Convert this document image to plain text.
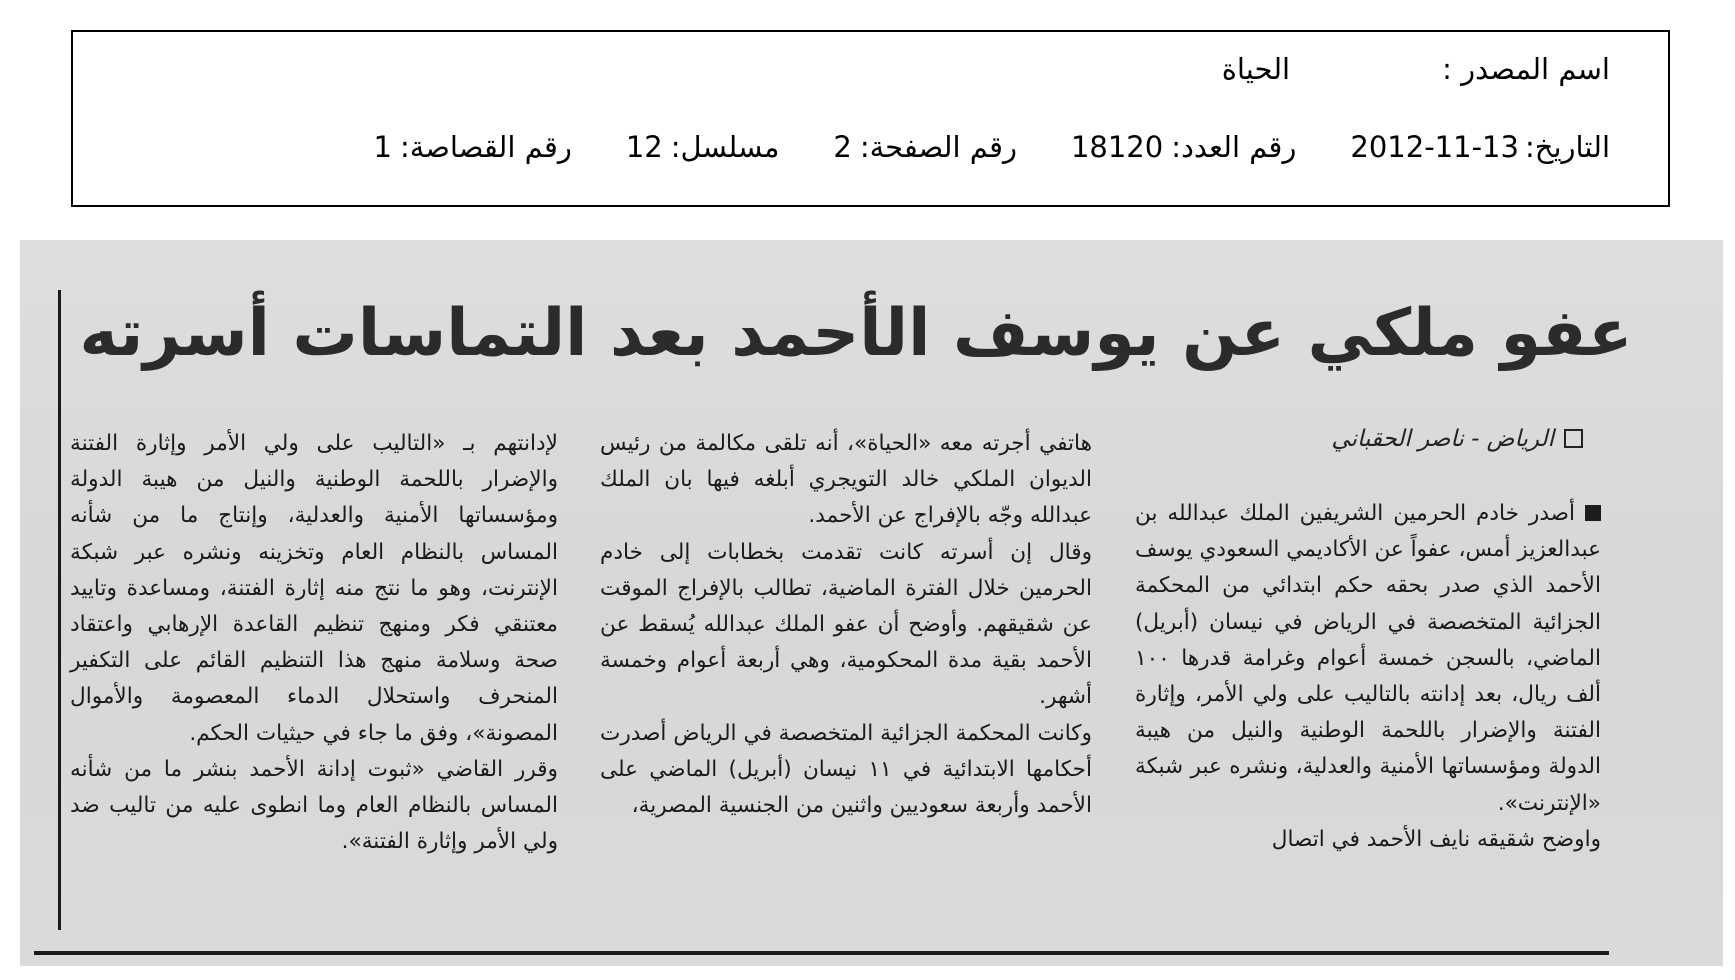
اسم المصدر :
الحياة
التاريخ:
2012-11-13
رقم العدد:
18120
رقم الصفحة:
2
مسلسل:
12
رقم القصاصة:
1
عفو ملكي عن يوسف الأحمد بعد التماسات أسرته
الرياض - ناصر الحقباني

أصدر خادم الحرمين الشريفين الملك عبدالله بن عبدالعزيز أمس، عفواً عن الأكاديمي السعودي يوسف الأحمد الذي صدر بحقه حكم ابتدائي من المحكمة الجزائية المتخصصة في الرياض في نيسان (أبريل) الماضي، بالسجن خمسة أعوام وغرامة قدرها ١٠٠ ألف ريال، بعد إدانته بالتاليب على ولي الأمر، وإثارة الفتنة والإضرار باللحمة الوطنية والنيل من هيبة الدولة ومؤسساتها الأمنية والعدلية، ونشره عبر شبكة «الإنترنت».

واوضح شقيقه نايف الأحمد في اتصال

هاتفي أجرته معه «الحياة»، أنه تلقى مكالمة من رئيس الديوان الملكي خالد التويجري أبلغه فيها بان الملك عبدالله وجّه بالإفراج عن الأحمد.

وقال إن أسرته كانت تقدمت بخطابات إلى خادم الحرمين خلال الفترة الماضية، تطالب بالإفراج الموقت عن شقيقهم. وأوضح أن عفو الملك عبدالله يُسقط عن الأحمد بقية مدة المحكومية، وهي أربعة أعوام وخمسة أشهر.

وكانت المحكمة الجزائية المتخصصة في الرياض أصدرت أحكامها الابتدائية في ١١ نيسان (أبريل) الماضي على الأحمد وأربعة سعوديين واثنين من الجنسية المصرية،

لإدانتهم بـ «التاليب على ولي الأمر وإثارة الفتنة والإضرار باللحمة الوطنية والنيل من هيبة الدولة ومؤسساتها الأمنية والعدلية، وإنتاج ما من شأنه المساس بالنظام العام وتخزينه ونشره عبر شبكة الإنترنت، وهو ما نتج منه إثارة الفتنة، ومساعدة وتاييد معتنقي فكر ومنهج تنظيم القاعدة الإرهابي واعتقاد صحة وسلامة منهج هذا التنظيم القائم على التكفير المنحرف واستحلال الدماء المعصومة والأموال المصونة»، وفق ما جاء في حيثيات الحكم.

وقرر القاضي «ثبوت إدانة الأحمد بنشر ما من شأنه المساس بالنظام العام وما انطوى عليه من تاليب ضد ولي الأمر وإثارة الفتنة».
